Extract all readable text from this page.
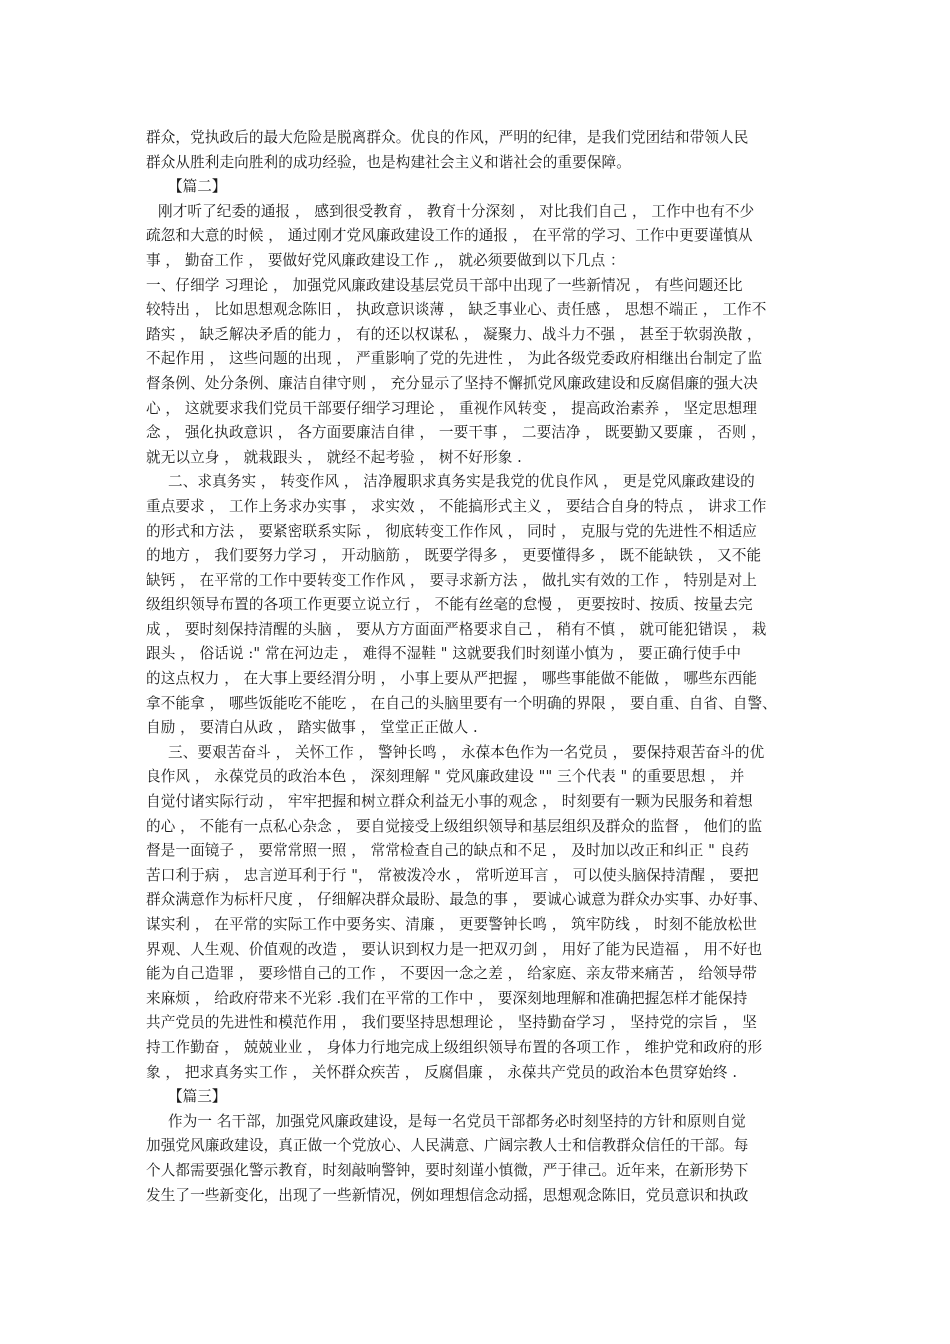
群众，党执政后的最大危险是脱离群众。优良的作风，严明的纪律，是我们党团结和带领人民
群众从胜利走向胜利的成功经验，也是构建社会主义和谐社会的重要保障。
【篇二】
刚才听了纪委的通报 ， 感到很受教育 ， 教育十分深刻 ， 对比我们自己 ， 工作中也有不少
疏忽和大意的时候 ， 通过刚才党风廉政建设工作的通报 ， 在平常的学习、工作中更要谨慎从
事 ， 勤奋工作 ， 要做好党风廉政建设工作 ,， 就必须要做到以下几点 ：
一、仔细学 习理论 ， 加强党风廉政建设基层党员干部中出现了一些新情况 ， 有些问题还比
较特出 ， 比如思想观念陈旧 ， 执政意识谈薄 ， 缺乏事业心、责任感 ， 思想不端正 ， 工作不
踏实 ， 缺乏解决矛盾的能力 ， 有的还以权谋私 ， 凝聚力、战斗力不强 ， 甚至于软弱涣散 ，
不起作用 ， 这些问题的出现 ， 严重影响了党的先进性 ， 为此各级党委政府相继出台制定了监
督条例、处分条例、廉洁自律守则 ， 充分显示了坚持不懈抓党风廉政建设和反腐倡廉的强大决
心 ， 这就要求我们党员干部要仔细学习理论 ， 重视作风转变 ， 提高政治素养 ， 坚定思想理
念 ， 强化执政意识 ， 各方面要廉洁自律 ， 一要干事 ， 二要洁净 ， 既要勤又要廉 ， 否则 ，
就无以立身 ， 就栽跟头 ， 就经不起考验 ， 树不好形象 .
二、求真务实 ， 转变作风 ， 洁净履职求真务实是我党的优良作风 ， 更是党风廉政建设的
重点要求 ， 工作上务求办实事 ， 求实效 ， 不能搞形式主义 ， 要结合自身的特点 ， 讲求工作
的形式和方法 ， 要紧密联系实际 ， 彻底转变工作作风 ， 同时 ， 克服与党的先进性不相适应
的地方 ， 我们要努力学习 ， 开动脑筋 ， 既要学得多 ， 更要懂得多 ， 既不能缺铁 ， 又不能
缺钙 ， 在平常的工作中要转变工作作风 ， 要寻求新方法 ， 做扎实有效的工作 ， 特别是对上
级组织领导布置的各项工作更要立说立行 ， 不能有丝毫的怠慢 ， 更要按时、按质、按量去完
成 ， 要时刻保持清醒的头脑 ， 要从方方面面严格要求自己 ， 稍有不慎 ， 就可能犯错误 ， 栽
跟头 ， 俗话说 :" 常在河边走 ， 难得不湿鞋 " 这就要我们时刻谨小慎为 ， 要正确行使手中
的这点权力 ， 在大事上要经渭分明 ， 小事上要从严把握 ， 哪些事能做不能做 ， 哪些东西能
拿不能拿 ， 哪些饭能吃不能吃 ， 在自己的头脑里要有一个明确的界限 ， 要自重、自省、自警、
自励 ， 要清白从政 ， 踏实做事 ， 堂堂正正做人 .
三、要艰苦奋斗 ， 关怀工作 ， 警钟长鸣 ， 永葆本色作为一名党员 ， 要保持艰苦奋斗的优
良作风 ， 永葆党员的政治本色 ， 深刻理解 " 党风廉政建设 "" 三个代表 " 的重要思想 ， 并
自觉付诸实际行动 ， 牢牢把握和树立群众利益无小事的观念 ， 时刻要有一颗为民服务和着想
的心 ， 不能有一点私心杂念 ， 要自觉接受上级组织领导和基层组织及群众的监督 ， 他们的监
督是一面镜子 ， 要常常照一照 ， 常常检查自己的缺点和不足 ， 及时加以改正和纠正 " 良药
苦口利于病 ， 忠言逆耳利于行 "， 常被泼冷水 ， 常听逆耳言 ， 可以使头脑保持清醒 ， 要把
群众满意作为标杆尺度 ， 仔细解决群众最盼、最急的事 ， 要诚心诚意为群众办实事、办好事、
谋实利 ， 在平常的实际工作中要务实、清廉 ， 更要警钟长鸣 ， 筑牢防线 ， 时刻不能放松世
界观、人生观、价值观的改造 ， 要认识到权力是一把双刃剑 ， 用好了能为民造福 ， 用不好也
能为自己造罪 ， 要珍惜自己的工作 ， 不要因一念之差 ， 给家庭、亲友带来痛苦 ， 给领导带
来麻烦 ， 给政府带来不光彩 .我们在平常的工作中 ， 要深刻地理解和准确把握怎样才能保持
共产党员的先进性和模范作用 ， 我们要坚持思想理论 ， 坚持勤奋学习 ， 坚持党的宗旨 ， 坚
持工作勤奋 ， 兢兢业业 ， 身体力行地完成上级组织领导布置的各项工作 ， 维护党和政府的形
象 ， 把求真务实工作 ， 关怀群众疾苦 ， 反腐倡廉 ， 永葆共产党员的政治本色贯穿始终 .
【篇三】
作为一 名干部，加强党风廉政建设，是每一名党员干部都务必时刻坚持的方针和原则自觉
加强党风廉政建设，真正做一个党放心、人民满意、广阔宗教人士和信教群众信任的干部。每
个人都需要强化警示教育，时刻敲响警钟，要时刻谨小慎微，严于律己。近年来，在新形势下
发生了一些新变化，出现了一些新情况，例如理想信念动摇，思想观念陈旧，党员意识和执政
